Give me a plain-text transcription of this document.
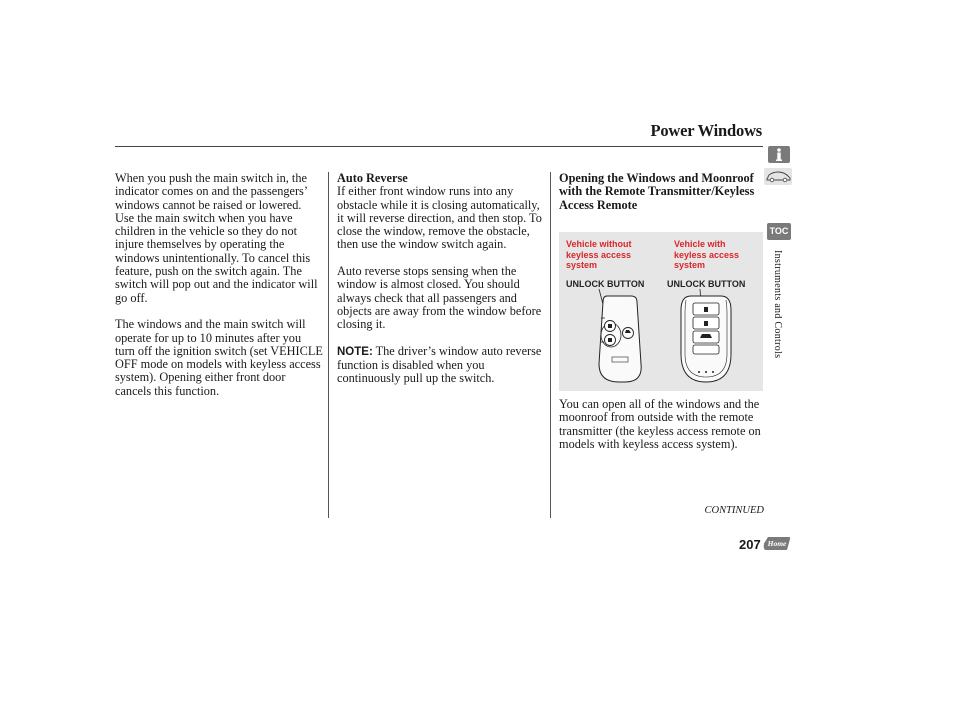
Power Windows

When you push the main switch in, the indicator comes on and the passengers’ windows cannot be raised or lowered. Use the main switch when you have children in the vehicle so they do not injure themselves by operating the windows unintentionally. To cancel this feature, push on the switch again. The switch will pop out and the indicator will go off.

The windows and the main switch will operate for up to 10 minutes after you turn off the ignition switch (set VEHICLE OFF mode on models with keyless access system). Opening either front door cancels this function.

Auto Reverse

If either front window runs into any obstacle while it is closing automatically, it will reverse direction, and then stop. To close the window, remove the obstacle, then use the window switch again.

Auto reverse stops sensing when the window is almost closed. You should always check that all passengers and objects are away from the window before closing it.

NOTE: The driver’s window auto reverse function is disabled when you continuously pull up the switch.

Opening the Windows and Moonroof with the Remote Transmitter/Keyless Access Remote

Vehicle without keyless access system
Vehicle with keyless access system
UNLOCK BUTTON	UNLOCK BUTTON

You can open all of the windows and the moonroof from outside with the remote transmitter (the keyless access remote on models with keyless access system).

CONTINUED
207 Home
TOC
Instruments and Controls
